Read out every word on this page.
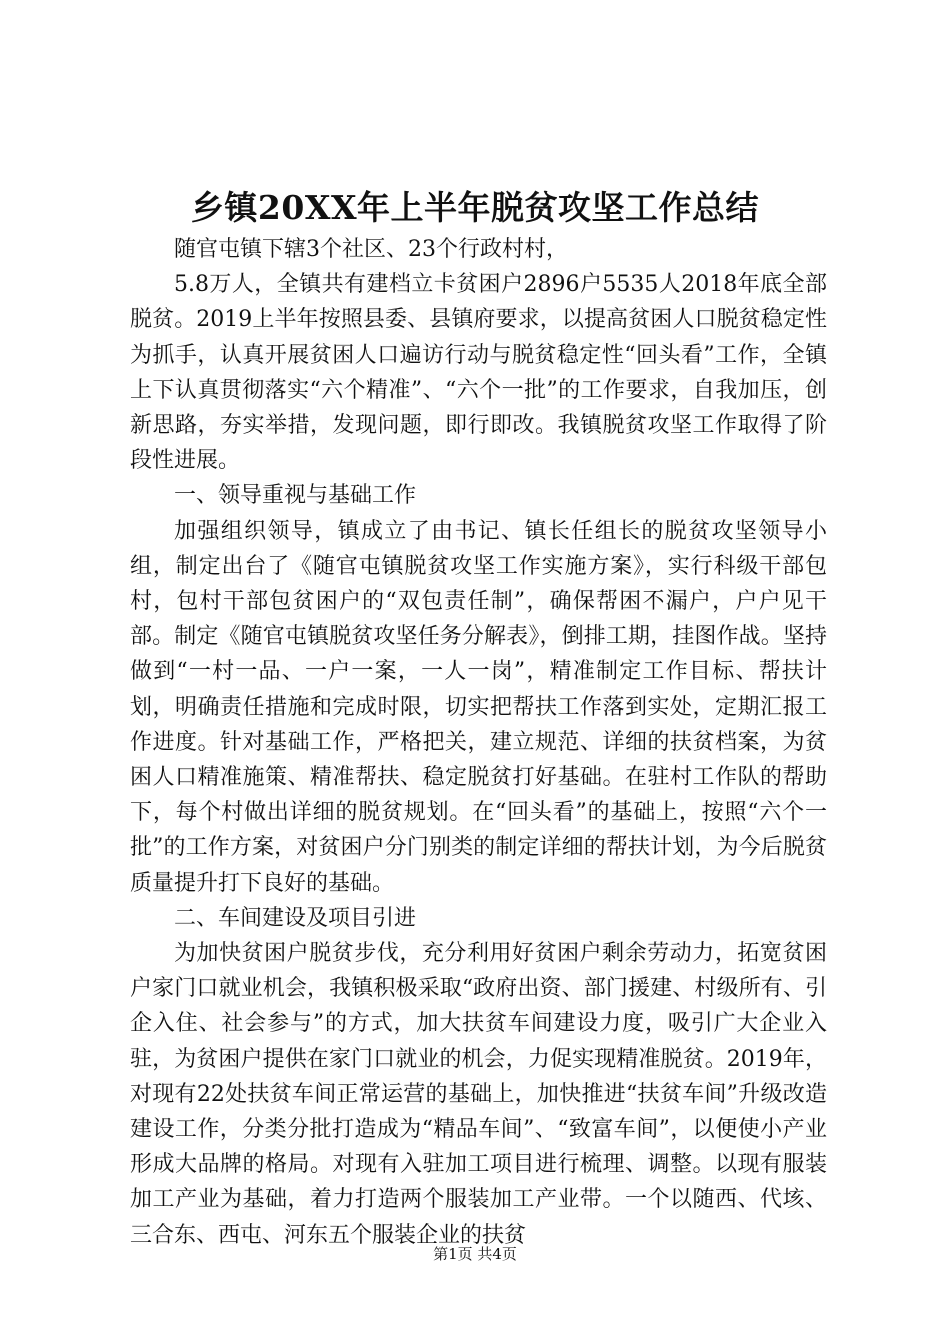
乡镇20XX年上半年脱贫攻坚工作总结

随官屯镇下辖3个社区、23个行政村村，

5.8万人，全镇共有建档立卡贫困户2896户5535人2018年底全部脱贫。2019上半年按照县委、县镇府要求，以提高贫困人口脱贫稳定性为抓手，认真开展贫困人口遍访行动与脱贫稳定性“回头看”工作，全镇上下认真贯彻落实“六个精准”、“六个一批”的工作要求，自我加压，创新思路，夯实举措，发现问题，即行即改。我镇脱贫攻坚工作取得了阶段性进展。

一、领导重视与基础工作

加强组织领导，镇成立了由书记、镇长任组长的脱贫攻坚领导小组，制定出台了《随官屯镇脱贫攻坚工作实施方案》，实行科级干部包村，包村干部包贫困户的“双包责任制”，确保帮困不漏户，户户见干部。制定《随官屯镇脱贫攻坚任务分解表》，倒排工期，挂图作战。坚持做到“一村一品、一户一案，一人一岗”，精准制定工作目标、帮扶计划，明确责任措施和完成时限，切实把帮扶工作落到实处，定期汇报工作进度。针对基础工作，严格把关，建立规范、详细的扶贫档案，为贫困人口精准施策、精准帮扶、稳定脱贫打好基础。在驻村工作队的帮助下，每个村做出详细的脱贫规划。在“回头看”的基础上，按照“六个一批”的工作方案，对贫困户分门别类的制定详细的帮扶计划，为今后脱贫质量提升打下良好的基础。

二、车间建设及项目引进

为加快贫困户脱贫步伐，充分利用好贫困户剩余劳动力，拓宽贫困户家门口就业机会，我镇积极采取“政府出资、部门援建、村级所有、引企入住、社会参与”的方式，加大扶贫车间建设力度，吸引广大企业入驻，为贫困户提供在家门口就业的机会，力促实现精准脱贫。2019年，对现有22处扶贫车间正常运营的基础上，加快推进“扶贫车间”升级改造建设工作，分类分批打造成为“精品车间”、“致富车间”，以便使小产业形成大品牌的格局。对现有入驻加工项目进行梳理、调整。以现有服装加工产业为基础，着力打造两个服装加工产业带。一个以随西、代垓、三合东、西屯、河东五个服装企业的扶贫

第1页 共4页
